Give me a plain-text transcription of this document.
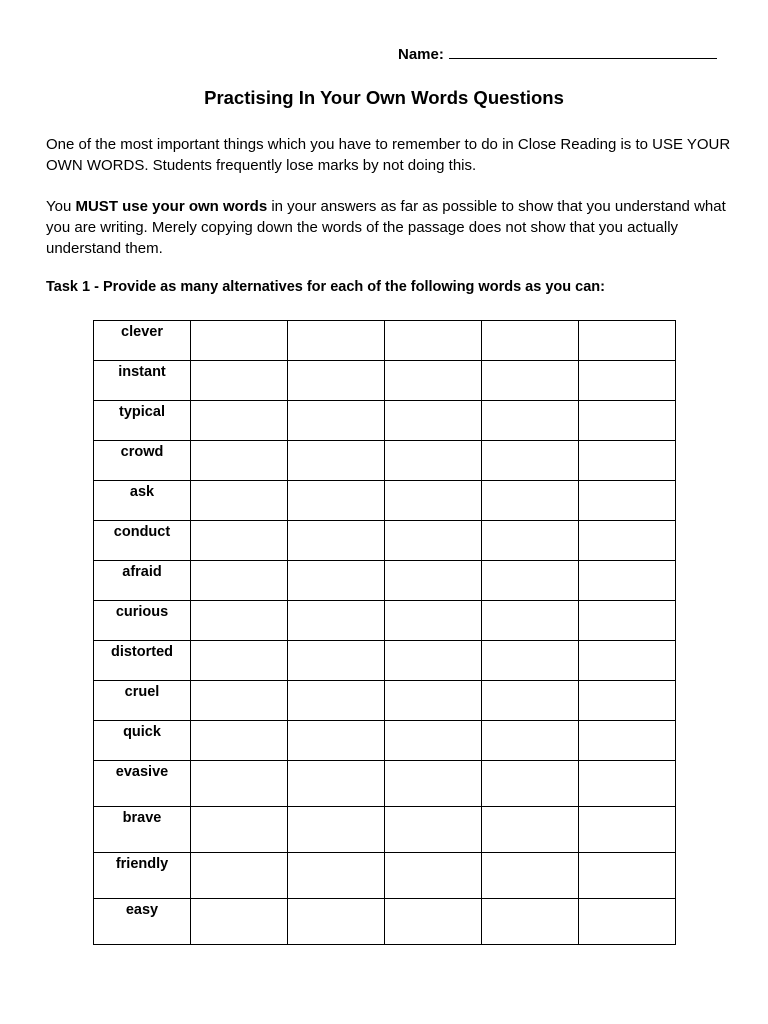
Name:
Practising In Your Own Words Questions
One of the most important things which you have to remember to do in Close Reading is to USE YOUR OWN WORDS. Students frequently lose marks by not doing this.
You MUST use your own words in your answers as far as possible to show that you understand what you are writing. Merely copying down the words of the passage does not show that you actually understand them.
Task 1 - Provide as many alternatives for each of the following words as you can:
clever					
instant					
typical					
crowd					
ask					
conduct					
afraid					
curious					
distorted					
cruel					
quick					
evasive					
brave					
friendly					
easy					
